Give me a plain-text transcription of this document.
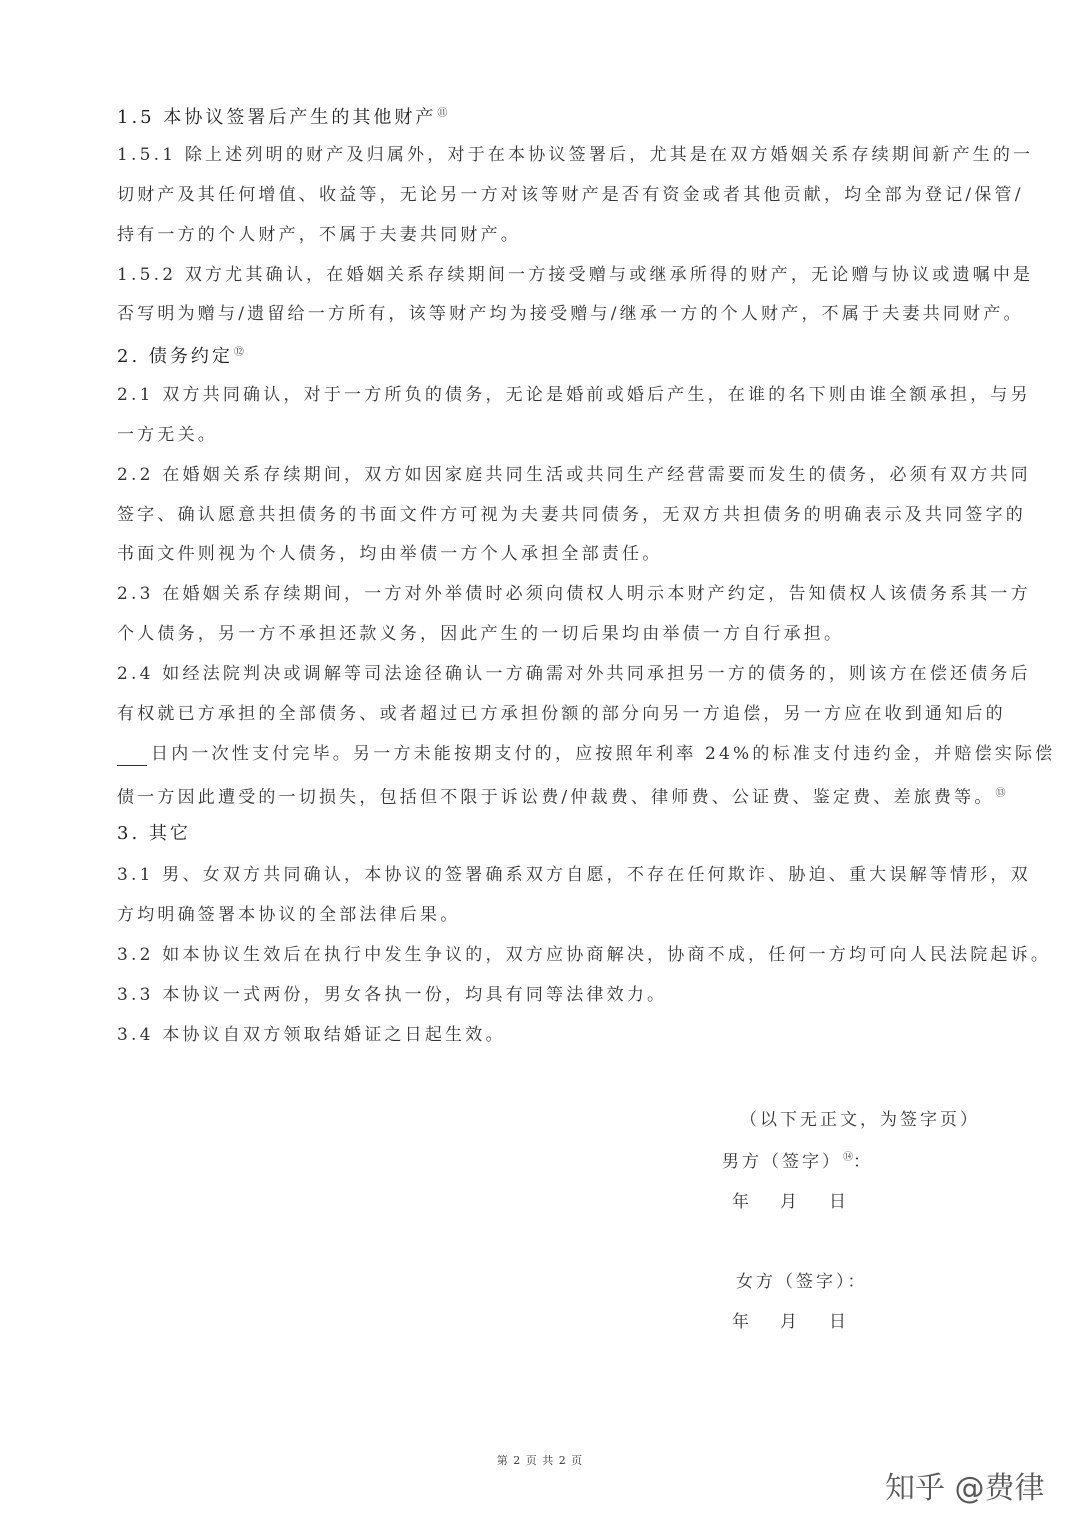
1.5 本协议签署后产生的其他财产⑪
1.5.1 除上述列明的财产及归属外，对于在本协议签署后，尤其是在双方婚姻关系存续期间新产生的一
切财产及其任何增值、收益等，无论另一方对该等财产是否有资金或者其他贡献，均全部为登记/保管/
持有一方的个人财产，不属于夫妻共同财产。
1.5.2 双方尤其确认，在婚姻关系存续期间一方接受赠与或继承所得的财产，无论赠与协议或遗嘱中是
否写明为赠与/遗留给一方所有，该等财产均为接受赠与/继承一方的个人财产，不属于夫妻共同财产。
2. 债务约定⑫
2.1 双方共同确认，对于一方所负的债务，无论是婚前或婚后产生，在谁的名下则由谁全额承担，与另
一方无关。
2.2 在婚姻关系存续期间，双方如因家庭共同生活或共同生产经营需要而发生的债务，必须有双方共同
签字、确认愿意共担债务的书面文件方可视为夫妻共同债务，无双方共担债务的明确表示及共同签字的
书面文件则视为个人债务，均由举债一方个人承担全部责任。
2.3 在婚姻关系存续期间，一方对外举债时必须向债权人明示本财产约定，告知债权人该债务系其一方
个人债务，另一方不承担还款义务，因此产生的一切后果均由举债一方自行承担。
2.4 如经法院判决或调解等司法途径确认一方确需对外共同承担另一方的债务的，则该方在偿还债务后
有权就已方承担的全部债务、或者超过已方承担份额的部分向另一方追偿，另一方应在收到通知后的
日内一次性支付完毕。另一方未能按期支付的，应按照年利率 24%的标准支付违约金，并赔偿实际偿
债一方因此遭受的一切损失，包括但不限于诉讼费/仲裁费、律师费、公证费、鉴定费、差旅费等。⑬
3. 其它
3.1 男、女双方共同确认，本协议的签署确系双方自愿，不存在任何欺诈、胁迫、重大误解等情形，双
方均明确签署本协议的全部法律后果。
3.2 如本协议生效后在执行中发生争议的，双方应协商解决，协商不成，任何一方均可向人民法院起诉。
3.3 本协议一式两份，男女各执一份，均具有同等法律效力。
3.4 本协议自双方领取结婚证之日起生效。
（以下无正文，为签字页）
男方（签字）⑭：
年 月 日
女方（签字）：
年 月 日
第 2 页 共 2 页
知乎 @费律
